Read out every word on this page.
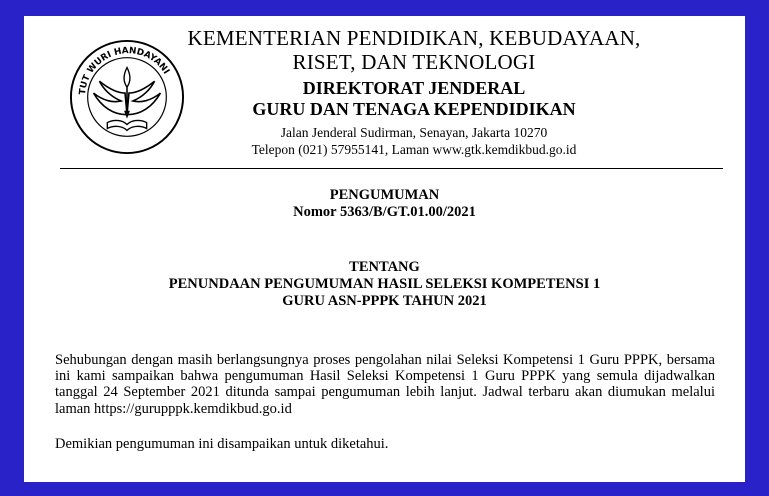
TUT WURI HANDAYANI
KEMENTERIAN PENDIDIKAN, KEBUDAYAAN,
RISET, DAN TEKNOLOGI
DIREKTORAT JENDERAL
GURU DAN TENAGA KEPENDIDIKAN
Jalan Jenderal Sudirman, Senayan, Jakarta 10270
Telepon (021) 57955141, Laman www.gtk.kemdikbud.go.id
PENGUMUMAN
Nomor 5363/B/GT.01.00/2021
TENTANG
PENUNDAAN PENGUMUMAN HASIL SELEKSI KOMPETENSI 1
GURU ASN-PPPK TAHUN 2021
Sehubungan dengan masih berlangsungnya proses pengolahan nilai Seleksi Kompetensi 1 Guru PPPK, bersama ini kami sampaikan bahwa pengumuman Hasil Seleksi Kompetensi 1 Guru PPPK yang semula dijadwalkan tanggal 24 September 2021 ditunda sampai pengumuman lebih lanjut. Jadwal terbaru akan diumukan melalui laman https://gurupppk.kemdikbud.go.id
Demikian pengumuman ini disampaikan untuk diketahui.
